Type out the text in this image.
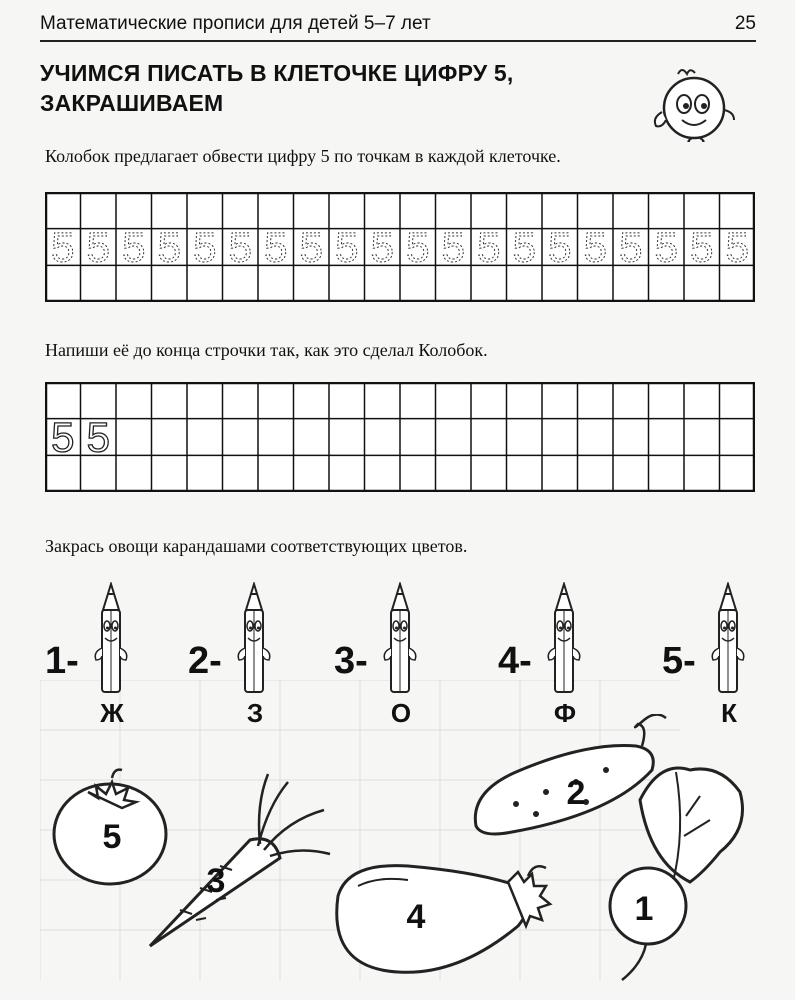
Математические прописи для детей 5–7 лет	25
УЧИМСЯ ПИСАТЬ В КЛЕТОЧКЕ ЦИФРУ 5,
ЗАКРАШИВАЕМ
Колобок предлагает обвести цифру 5 по точкам в каждой клеточке.
5 5 5 5 5 5 5 5 5 5 5 5 5 5 5 5 5 5 5 5
Напиши её до конца строчки так, как это сделал Колобок.
5 5
Закрась овощи карандашами соответствующих цветов.
1-
Ж
2-
З
3-
О
4-
Ф
5-
К
5
3
4
2
1
